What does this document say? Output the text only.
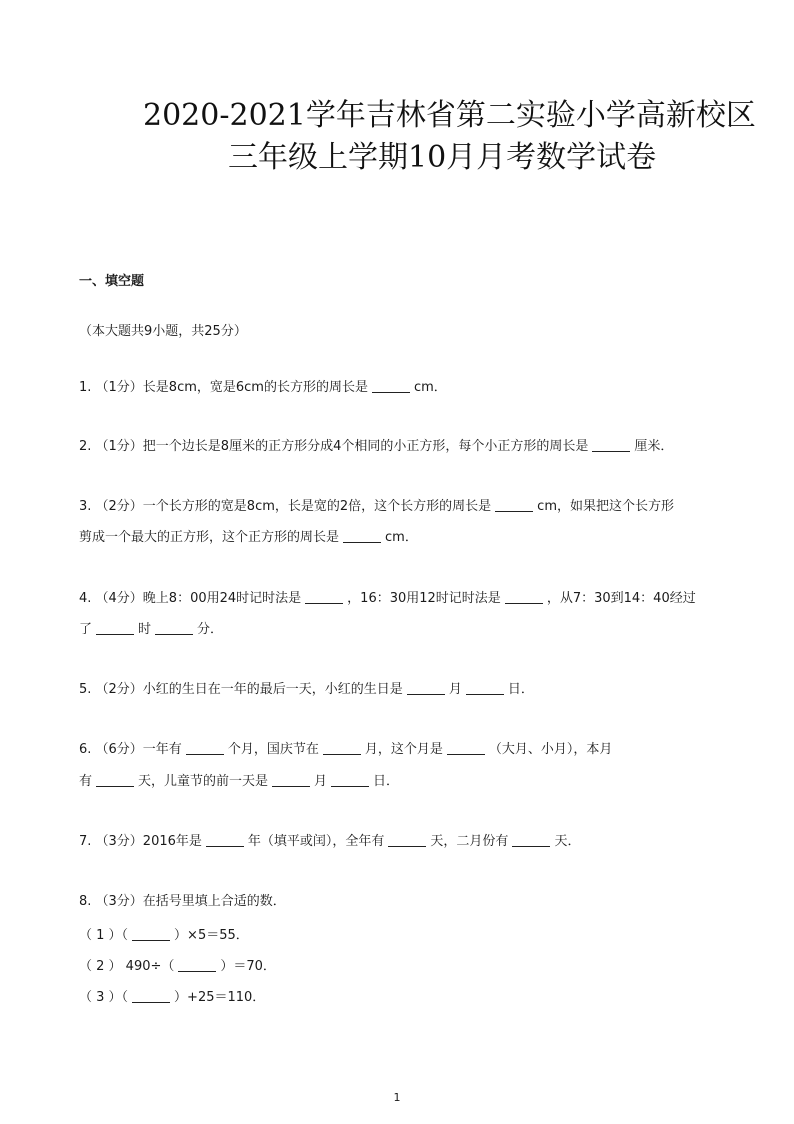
2020-2021学年吉林省第二实验小学高新校区
三年级上学期10月月考数学试卷
一、填空题
（本大题共9小题，共25分）
1. （1分）长是8cm，宽是6cm的长方形的周长是	cm．
2. （1分）把一个边长是8厘米的正方形分成4个相同的小正方形，每个小正方形的周长是	厘米．
3. （2分）一个长方形的宽是8cm，长是宽的2倍，这个长方形的周长是	cm，如果把这个长方形
剪成一个最大的正方形，这个正方形的周长是	cm．
4. （4分）晚上8：00用24时记时法是	，16：30用12时记时法是	，从7：30到14：40经过
了	时	分．
5. （2分）小红的生日在一年的最后一天，小红的生日是	月	日．
6. （6分）一年有	个月，国庆节在	月，这个月是	（大月、小月），本月
有	天，儿童节的前一天是	月	日．
7. （3分）2016年是	年（填平或闰），全年有	天，二月份有	天．
8. （3分）在括号里填上合适的数．
（ 1 ）（	）×5＝55．
（ 2 ） 490÷（	）＝70．
（ 3 ）（	）+25＝110．
1
